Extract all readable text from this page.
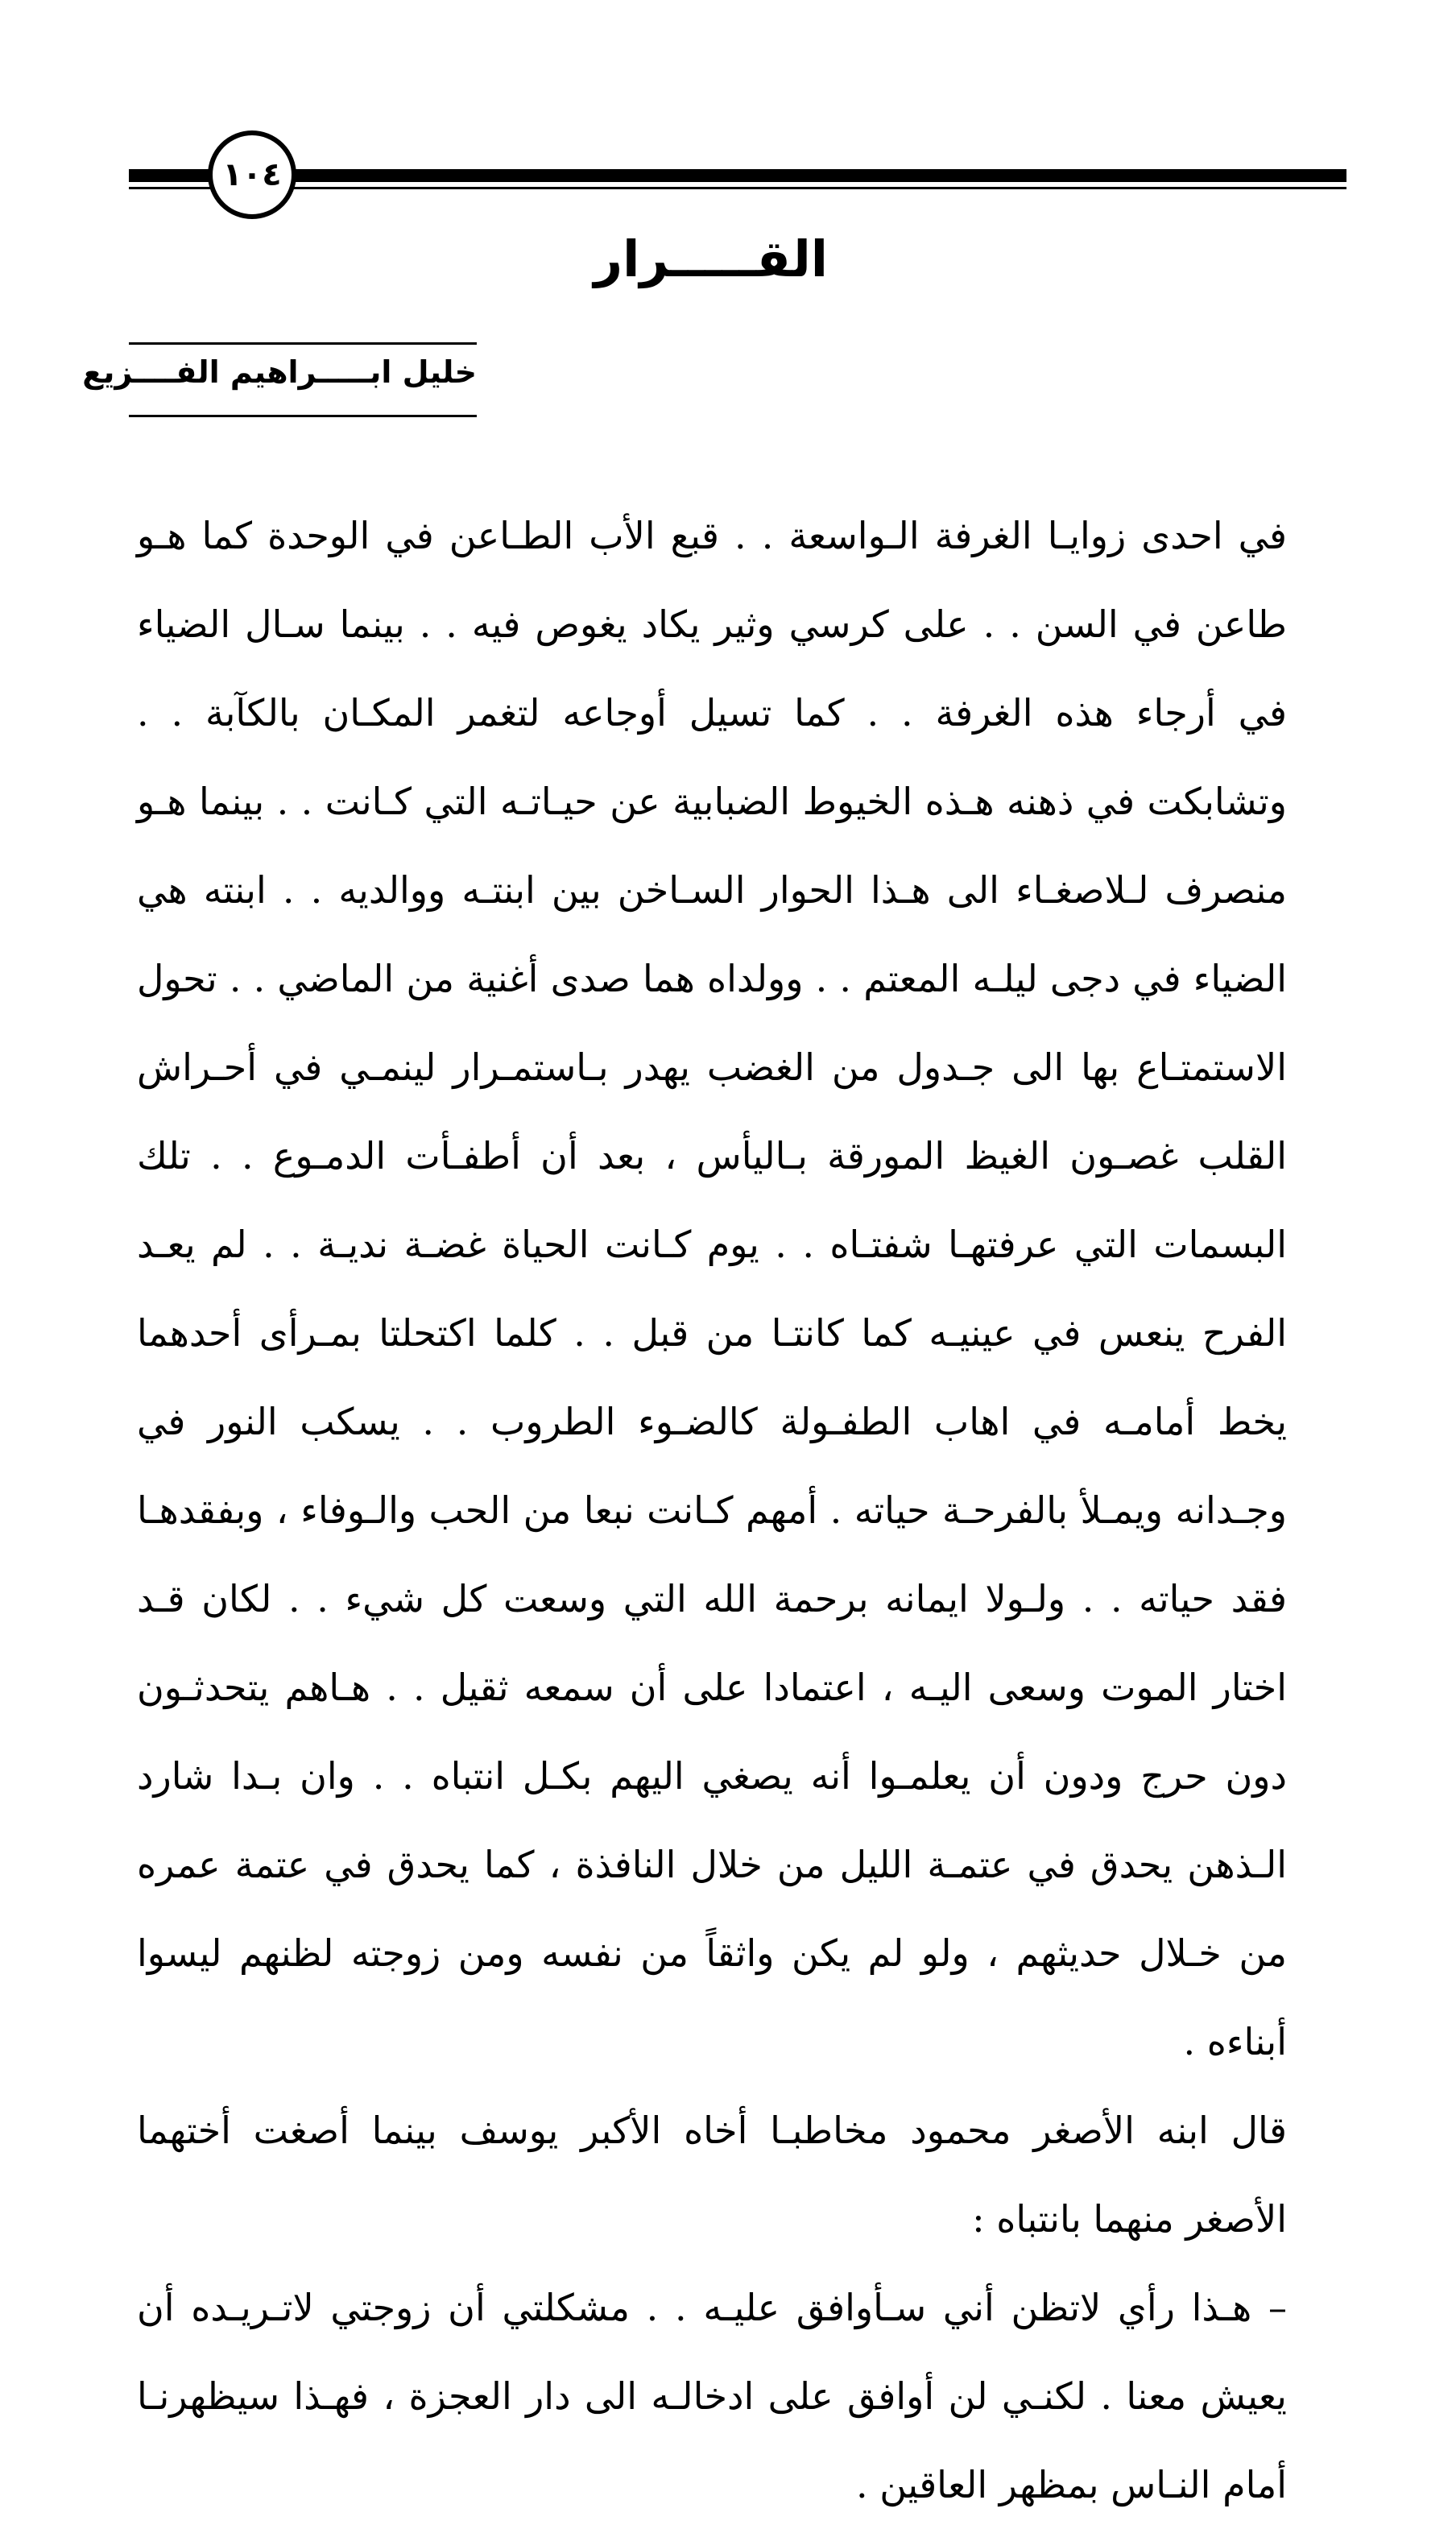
١٠٤
القـــــرار
خليل ابـــــراهيم الفــــزيع

في احدى زوايـا الغرفة الـواسعة . . قبع الأب الطـاعن في الوحدة كما هـو طاعن في السن . . على كرسي وثير يكاد يغوص فيه . . بينما سـال الضياء في أرجاء هذه الغرفة . . كما تسيل أوجاعه لتغمر المكـان بالكآبة . . وتشابكت في ذهنه هـذه الخيوط الضبابية عن حيـاتـه التي كـانت . . بينما هـو منصرف لـلاصغـاء الى هـذا الحوار السـاخن بين ابنتـه ووالديه . . ابنته هي الضياء في دجى ليلـه المعتم . . وولداه هما صدى أغنية من الماضي . . تحول الاستمتـاع بها الى جـدول من الغضب يهدر بـاستمـرار لينمـي في أحـراش القلب غصـون الغيظ المورقة بـاليأس ، بعد أن أطفـأت الدمـوع . . تلك البسمات التي عرفتهـا شفتـاه . . يوم كـانت الحياة غضـة نديـة . . لم يعـد الفرح ينعس في عينيـه كما كانتـا من قبل . . كلما اكتحلتا بمـرأى أحدهما يخط أمامـه في اهاب الطفـولة كالضـوء الطروب . . يسكب النور في وجـدانه ويمـلأ بالفرحـة حياته . أمهم كـانت نبعا من الحب والـوفاء ، وبفقدهـا فقد حياته . . ولـولا ايمانه برحمة الله التي وسعت كل شيء . . لكان قـد اختار الموت وسعى اليـه ، اعتمادا على أن سمعه ثقيل . . هـاهم يتحدثـون دون حرج ودون أن يعلمـوا أنه يصغي اليهم بكـل انتباه . . وان بـدا شارد الـذهن يحدق في عتمـة الليل من خلال النافذة ، كما يحدق في عتمة عمره من خـلال حديثهم ، ولو لم يكن واثقاً من نفسه ومن زوجته لظنهم ليسوا أبناءه .

قال ابنه الأصغر محمود مخاطبـا أخاه الأكبر يوسف بينما أصغت أختهما الأصغر منهما بانتباه :

– هـذا رأي لاتظن أني سـأوافق عليـه . . مشكلتي أن زوجتي لاتـريـده أن يعيش معنا . لكنـي لن أوافق على ادخالـه الى دار العجزة ، فهـذا سيظهرنـا أمام النـاس بمظهر العاقين .
